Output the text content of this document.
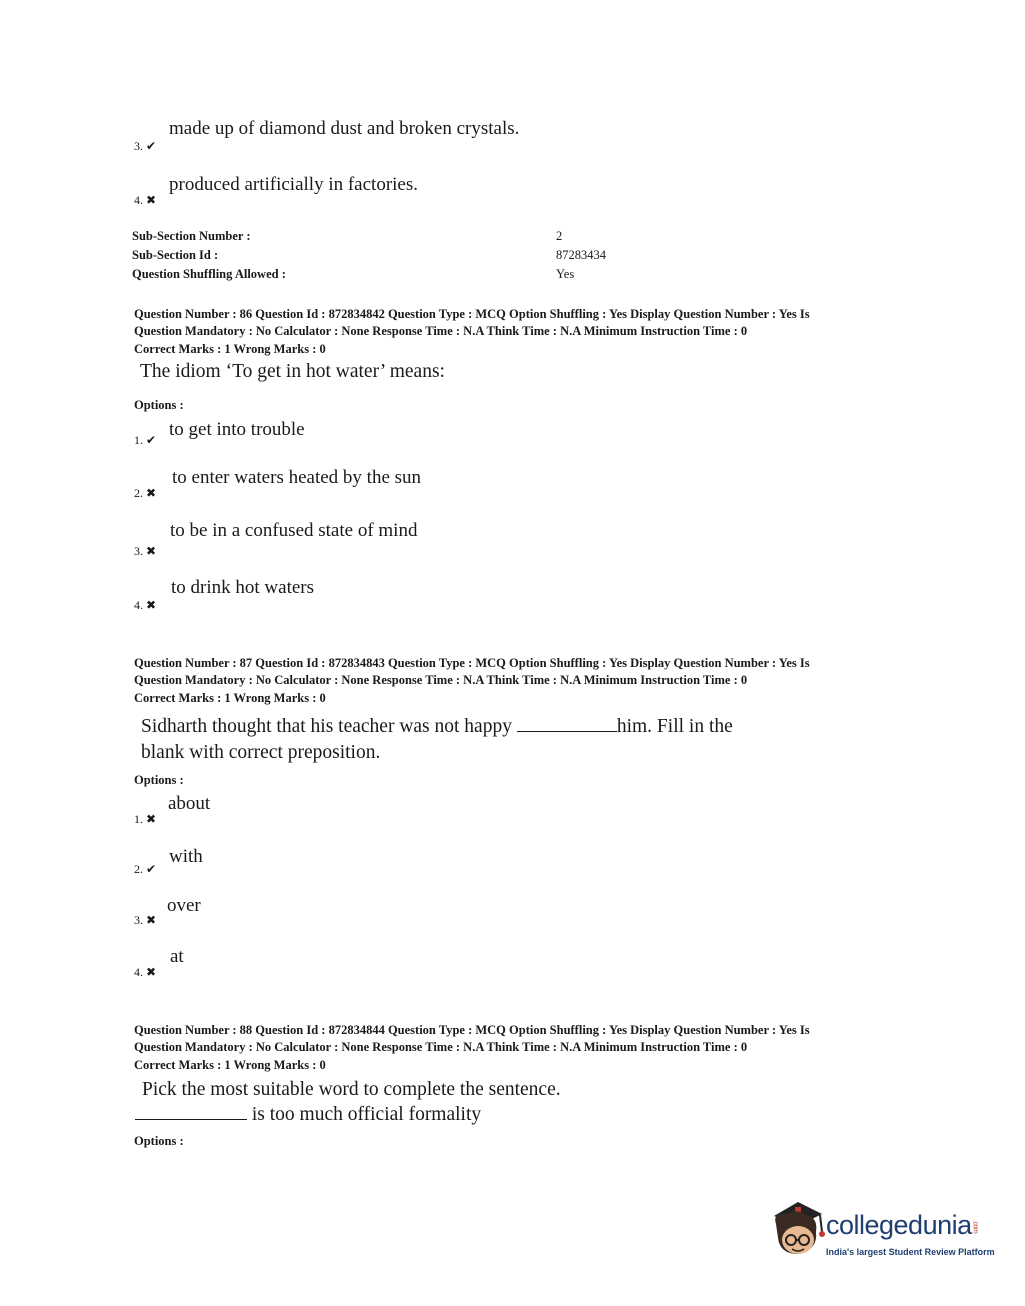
3. ✔
made up of diamond dust and broken crystals.
4. ✖
produced artificially in factories.
Sub-Section Number :	2
Sub-Section Id :	87283434
Question Shuffling Allowed :	Yes
Question Number : 86 Question Id : 872834842 Question Type : MCQ Option Shuffling : Yes Display Question Number : Yes Is
Question Mandatory : No Calculator : None Response Time : N.A Think Time : N.A Minimum Instruction Time : 0
Correct Marks : 1 Wrong Marks : 0
The idiom ‘To get in hot water’ means:
Options :
1. ✔ to get into trouble
2. ✖
to enter waters heated by the sun
3. ✖
to be in a confused state of mind
4. ✖
to drink hot waters
Question Number : 87 Question Id : 872834843 Question Type : MCQ Option Shuffling : Yes Display Question Number : Yes Is
Question Mandatory : No Calculator : None Response Time : N.A Think Time : N.A Minimum Instruction Time : 0
Correct Marks : 1 Wrong Marks : 0
Sidharth thought that his teacher was not happy	him. Fill in the
blank with correct preposition.
Options :
1. ✖
about
2. ✔
with
3. ✖
over
4. ✖
at
Question Number : 88 Question Id : 872834844 Question Type : MCQ Option Shuffling : Yes Display Question Number : Yes Is
Question Mandatory : No Calculator : None Response Time : N.A Think Time : N.A Minimum Instruction Time : 0
Correct Marks : 1 Wrong Marks : 0
Pick the most suitable word to complete the sentence.
is too much official formality
Options :
collegedunia.com
India's largest Student Review Platform
